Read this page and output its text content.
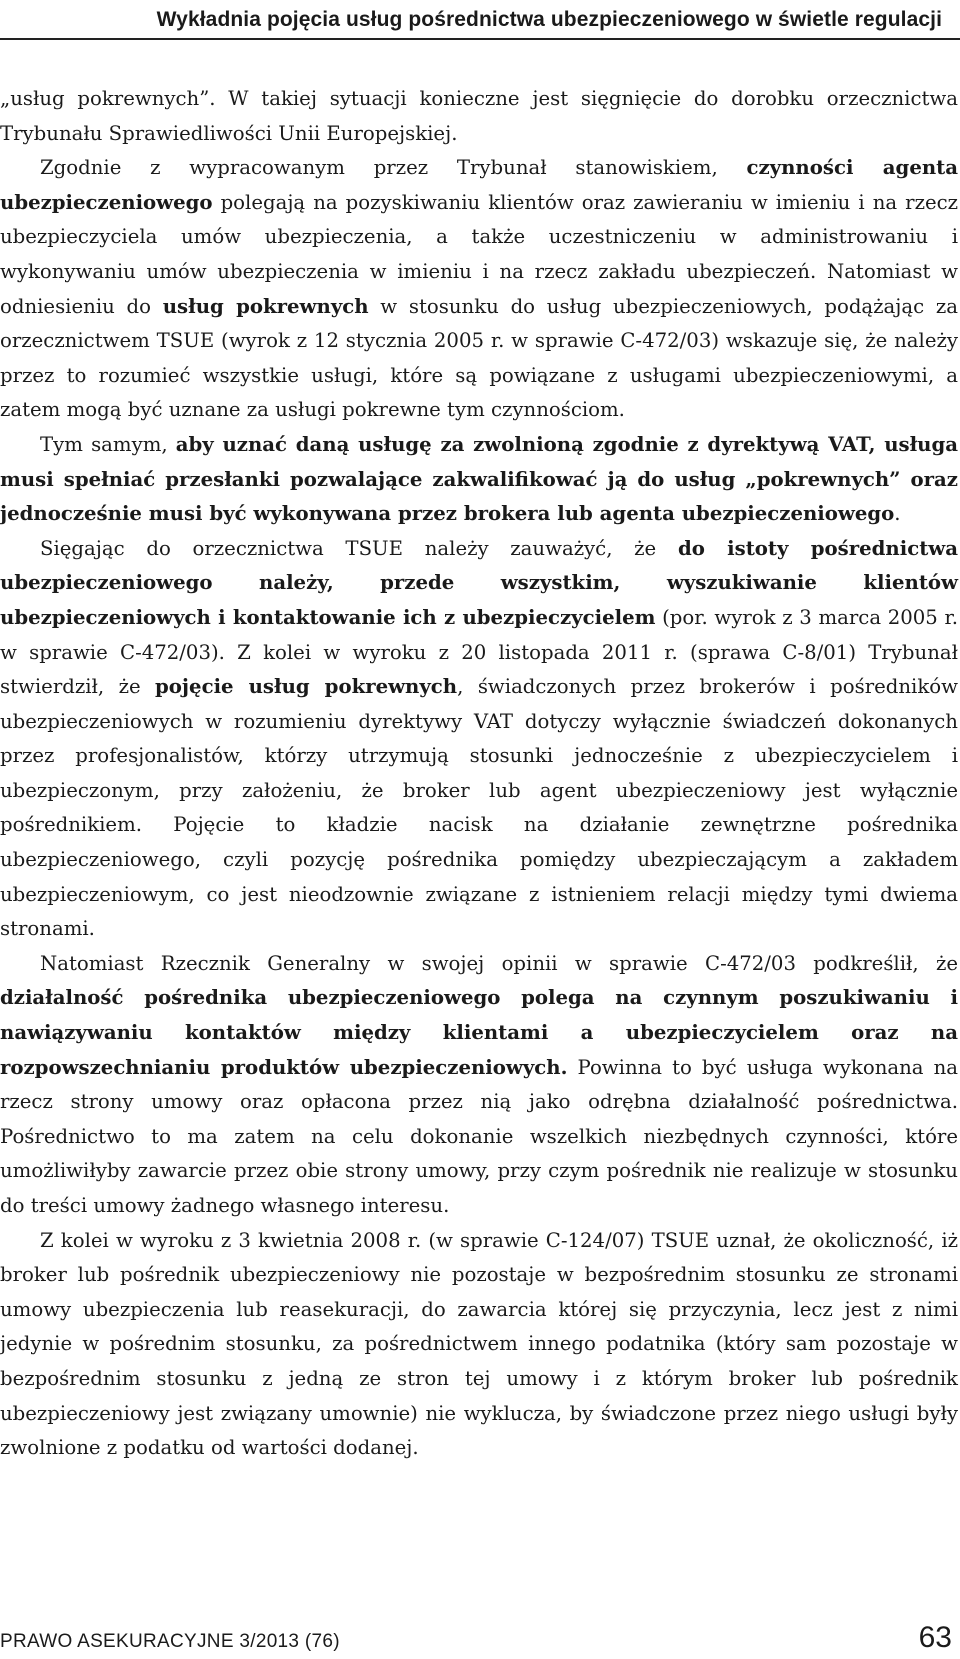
Wykładnia pojęcia usług pośrednictwa ubezpieczeniowego w świetle regulacji

„usług pokrewnych”. W takiej sytuacji konieczne jest sięgnięcie do dorobku orzecznictwa Trybunału Sprawiedliwości Unii Europejskiej.

Zgodnie z wypracowanym przez Trybunał stanowiskiem, czynności agenta ubezpieczeniowego polegają na pozyskiwaniu klientów oraz zawieraniu w imieniu i na rzecz ubezpieczyciela umów ubezpieczenia, a także uczestniczeniu w administrowaniu i wykonywaniu umów ubezpieczenia w imieniu i na rzecz zakładu ubezpieczeń. Natomiast w odniesieniu do usług pokrewnych w stosunku do usług ubezpieczeniowych, podążając za orzecznictwem TSUE (wyrok z 12 stycznia 2005 r. w sprawie C-472/03) wskazuje się, że należy przez to rozumieć wszystkie usługi, które są powiązane z usługami ubezpieczeniowymi, a zatem mogą być uznane za usługi pokrewne tym czynnościom.

Tym samym, aby uznać daną usługę za zwolnioną zgodnie z dyrektywą VAT, usługa musi spełniać przesłanki pozwalające zakwalifikować ją do usług „pokrewnych” oraz jednocześnie musi być wykonywana przez brokera lub agenta ubezpieczeniowego.

Sięgając do orzecznictwa TSUE należy zauważyć, że do istoty pośrednictwa ubezpieczeniowego należy, przede wszystkim, wyszukiwanie klientów ubezpieczeniowych i kontaktowanie ich z ubezpieczycielem (por. wyrok z 3 marca 2005 r. w sprawie C-472/03). Z kolei w wyroku z 20 listopada 2011 r. (sprawa C-8/01) Trybunał stwierdził, że pojęcie usług pokrewnych, świadczonych przez brokerów i pośredników ubezpieczeniowych w rozumieniu dyrektywy VAT dotyczy wyłącznie świadczeń dokonanych przez profesjonalistów, którzy utrzymują stosunki jednocześnie z ubezpieczycielem i ubezpieczonym, przy założeniu, że broker lub agent ubezpieczeniowy jest wyłącznie pośrednikiem. Pojęcie to kładzie nacisk na działanie zewnętrzne pośrednika ubezpieczeniowego, czyli pozycję pośrednika pomiędzy ubezpieczającym a zakładem ubezpieczeniowym, co jest nieodzownie związane z istnieniem relacji między tymi dwiema stronami.

Natomiast Rzecznik Generalny w swojej opinii w sprawie C-472/03 podkreślił, że działalność pośrednika ubezpieczeniowego polega na czynnym poszukiwaniu i nawiązywaniu kontaktów między klientami a ubezpieczycielem oraz na rozpowszechnianiu produktów ubezpieczeniowych. Powinna to być usługa wykonana na rzecz strony umowy oraz opłacona przez nią jako odrębna działalność pośrednictwa. Pośrednictwo to ma zatem na celu dokonanie wszelkich niezbędnych czynności, które umożliwiłyby zawarcie przez obie strony umowy, przy czym pośrednik nie realizuje w stosunku do treści umowy żadnego własnego interesu.

Z kolei w wyroku z 3 kwietnia 2008 r. (w sprawie C-124/07) TSUE uznał, że okoliczność, iż broker lub pośrednik ubezpieczeniowy nie pozostaje w bezpośrednim stosunku ze stronami umowy ubezpieczenia lub reasekuracji, do zawarcia której się przyczynia, lecz jest z nimi jedynie w pośrednim stosunku, za pośrednictwem innego podatnika (który sam pozostaje w bezpośrednim stosunku z jedną ze stron tej umowy i z którym broker lub pośrednik ubezpieczeniowy jest związany umownie) nie wyklucza, by świadczone przez niego usługi były zwolnione z podatku od wartości dodanej.

PRAWO ASEKURACYJNE 3/2013 (76)	63
